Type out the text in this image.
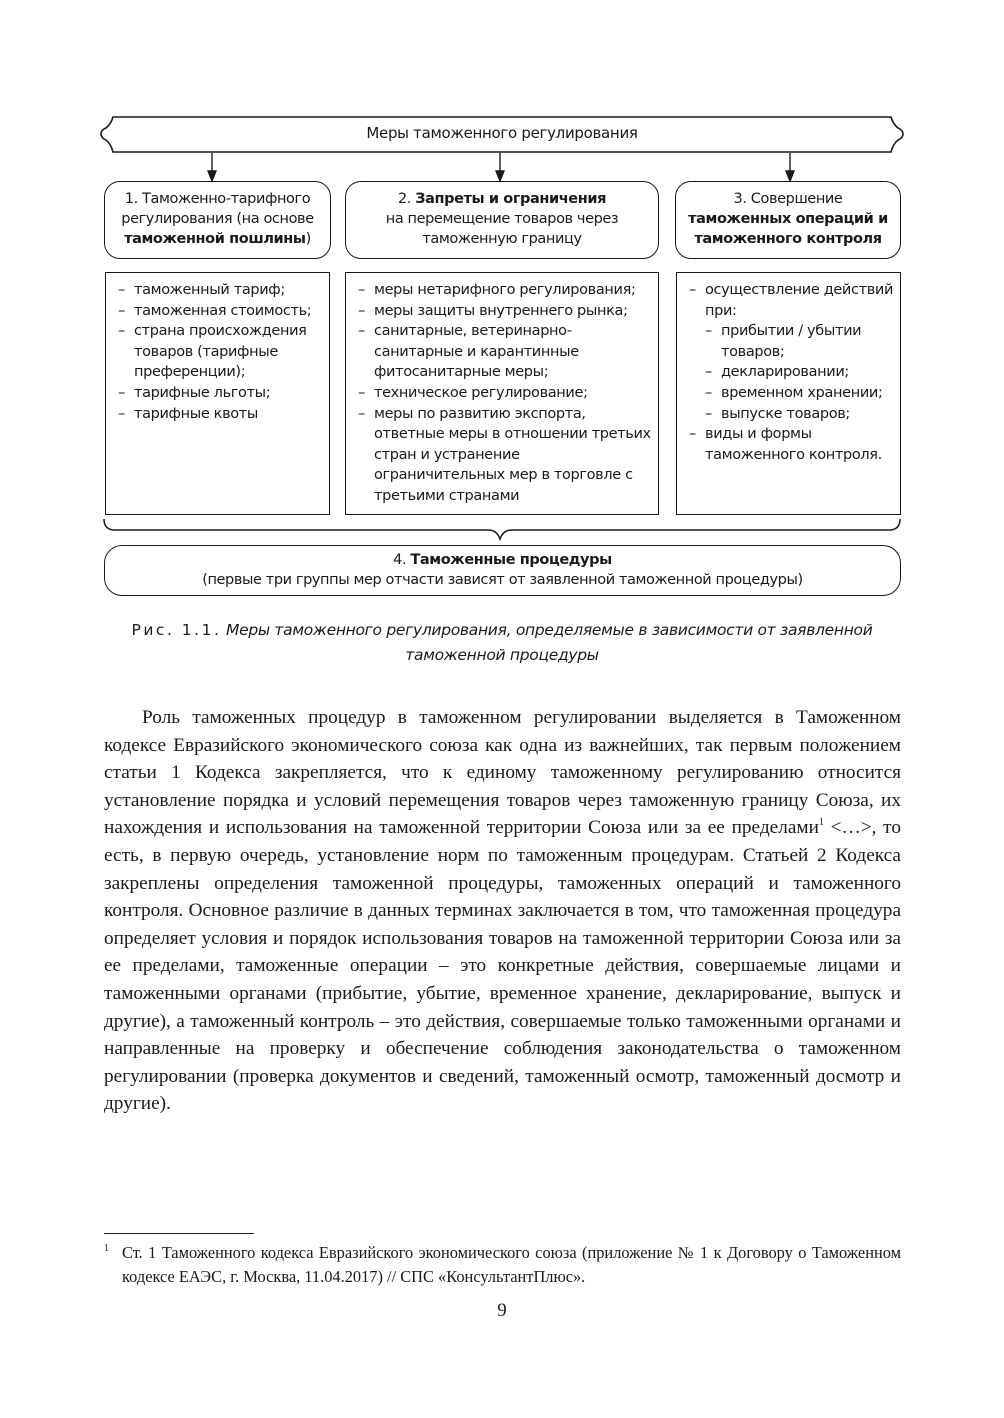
Меры таможенного регулирования
1. Таможенно-тарифного регулирования (на основе таможенной пошлины)
2. Запреты и ограничения
на перемещение товаров через таможенную границу
3. Совершение
таможенных операций и таможенного контроля
– таможенный тариф;
– таможенная стоимость;
– страна происхождения товаров (тарифные преференции);
– тарифные льготы;
– тарифные квоты
– меры нетарифного регулирования;
– меры защиты внутреннего рынка;
– санитарные, ветеринарно-санитарные и карантинные фитосанитарные меры;
– техническое регулирование;
– меры по развитию экспорта, ответные меры в отношении третьих стран и устранение ограничительных мер в торговле с третьими странами
– осуществление действий при:
– прибытии / убытии товаров;
– декларировании;
– временном хранении;
– выпуске товаров;
– виды и формы таможенного контроля.
4. Таможенные процедуры
(первые три группы мер отчасти зависят от заявленной таможенной процедуры)
Рис. 1.1. Меры таможенного регулирования, определяемые в зависимости от заявленной таможенной процедуры

Роль таможенных процедур в таможенном регулировании выделяется в Таможенном кодексе Евразийского экономического союза как одна из важнейших, так первым положением статьи 1 Кодекса закрепляется, что к единому таможенному регулированию относится установление порядка и условий перемещения товаров через таможенную границу Союза, их нахождения и использования на таможенной территории Союза или за ее пределами$^1$ <…>, то есть, в первую очередь, установление норм по таможенным процедурам. Статьей 2 Кодекса закреплены определения таможенной процедуры, таможенных операций и таможенного контроля. Основное различие в данных терминах заключается в том, что таможенная процедура определяет условия и порядок использования товаров на таможенной территории Союза или за ее пределами, таможенные операции – это конкретные действия, совершаемые лицами и таможенными органами (прибытие, убытие, временное хранение, декларирование, выпуск и другие), а таможенный контроль – это действия, совершаемые только таможенными органами и направленные на проверку и обеспечение соблюдения законодательства о таможенном регулировании (проверка документов и сведений, таможенный осмотр, таможенный досмотр и другие).

1 Ст. 1 Таможенного кодекса Евразийского экономического союза (приложение № 1 к Договору о Таможенном кодексе ЕАЭС, г. Москва, 11.04.2017) // СПС «КонсультантПлюс».
9
